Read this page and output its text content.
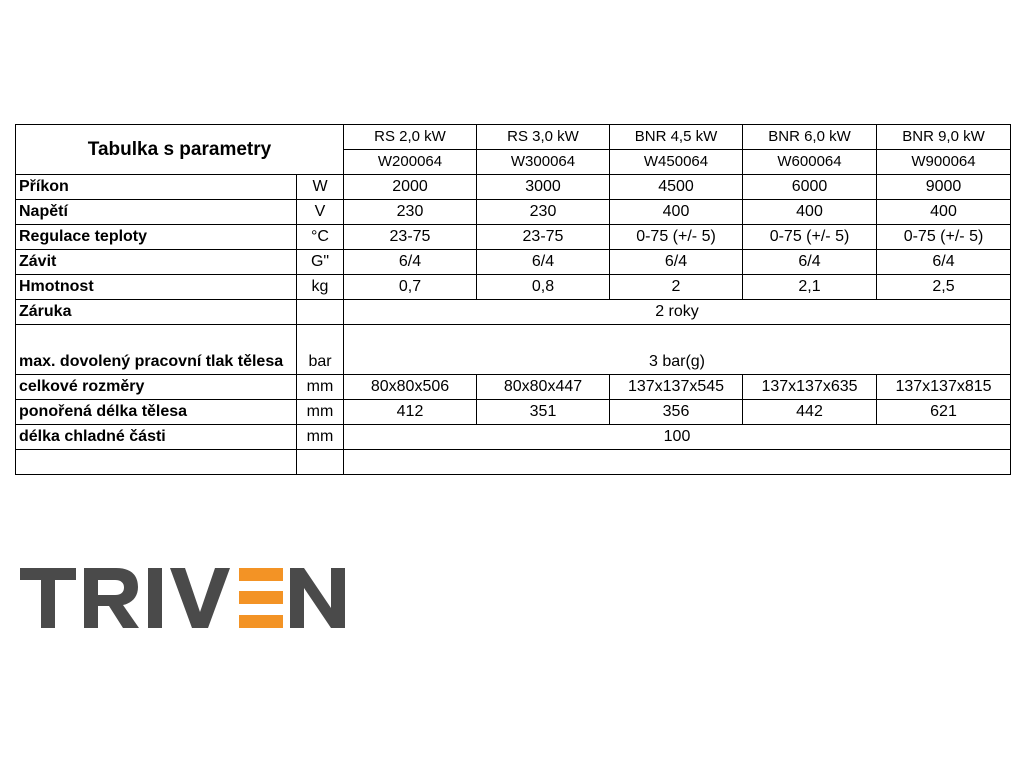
Tabulka s parametry		RS 2,0 kW	RS 3,0 kW	BNR 4,5 kW	BNR 6,0 kW	BNR 9,0 kW
		W200064	W300064	W450064	W600064	W900064
Příkon	W	2000	3000	4500	6000	9000
Napětí	V	230	230	400	400	400
Regulace teploty	°C	23-75	23-75	0-75 (+/- 5)	0-75 (+/- 5)	0-75 (+/- 5)
Závit	G"	6/4	6/4	6/4	6/4	6/4
Hmotnost	kg	0,7	0,8	2	2,1	2,5
Záruka		2 roky				
max. dovolený pracovní tlak tělesa	bar	3 bar(g)				
celkové rozměry	mm	80x80x506	80x80x447	137x137x545	137x137x635	137x137x815
ponořená délka tělesa	mm	412	351	356	442	621
délka chladné části	mm	100				
